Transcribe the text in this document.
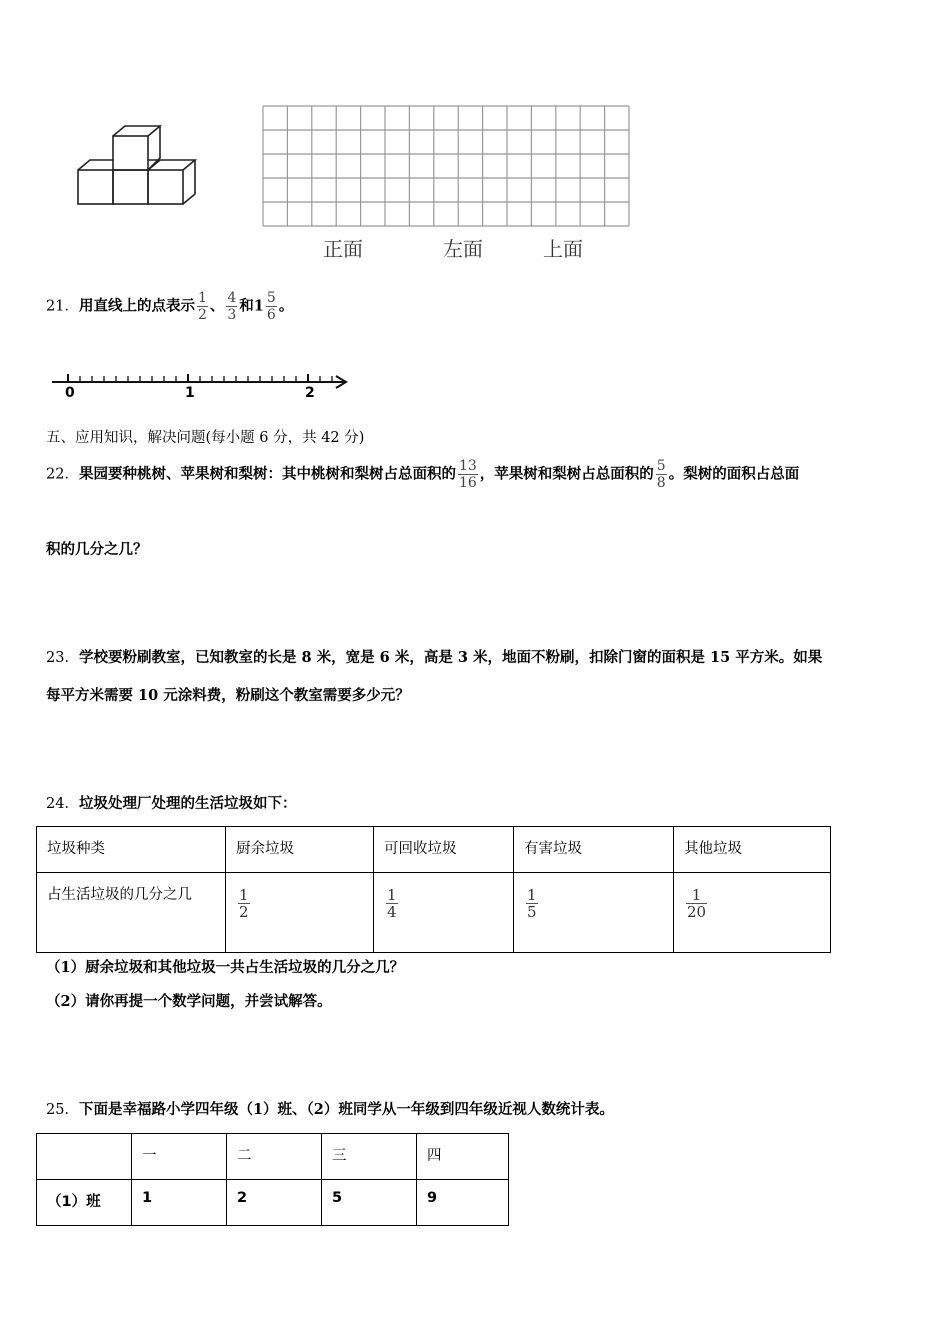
正面	左面	上面
21．用直线上的点表示 $\frac{1}{2}$ 、 $\frac{4}{3}$ 和$1 \frac{5}{6}$ 。
0	1	2
五、应用知识，解决问题(每小题 6 分，共 42 分)
22．果园要种桃树、苹果树和梨树：其中桃树和梨树占总面积的 $\frac{13}{16}$ ，苹果树和梨树占总面积的 $\frac{5}{8}$ 。梨树的面积占总面
积的几分之几？
23．学校要粉刷教室，已知教室的长是 8 米，宽是 6 米，高是 3 米，地面不粉刷，扣除门窗的面积是 15 平方米。如果
每平方米需要 10 元涂料费，粉刷这个教室需要多少元？
24．垃圾处理厂处理的生活垃圾如下：
垃圾种类	厨余垃圾	可回收垃圾	有害垃圾	其他垃圾
占生活垃圾的几分之几	$\frac{1}{2}$	$\frac{1}{4}$	$\frac{1}{5}$	$\frac{1}{20}$
（1）厨余垃圾和其他垃圾一共占生活垃圾的几分之几？
（2）请你再提一个数学问题，并尝试解答。
25．下面是幸福路小学四年级（1）班、（2）班同学从一年级到四年级近视人数统计表。
	一	二	三	四
（1）班	1	2	5	9
